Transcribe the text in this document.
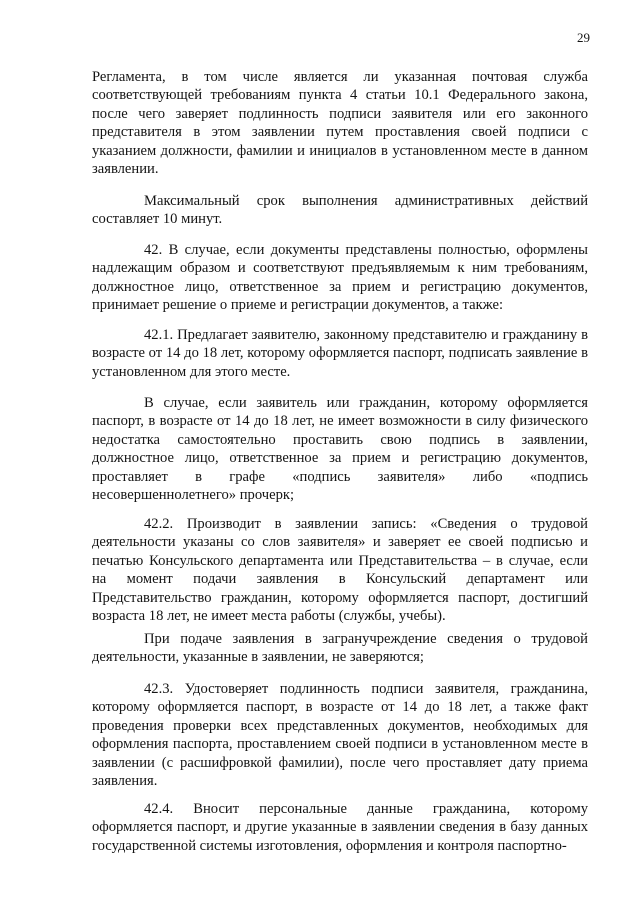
29

Регламента, в том числе является ли указанная почтовая служба соответствующей требованиям пункта 4 статьи 10.1 Федерального закона, после чего заверяет подлинность подписи заявителя или его законного представителя в этом заявлении путем проставления своей подписи с указанием должности, фамилии и инициалов в установленном месте в данном заявлении.

Максимальный срок выполнения административных действий составляет 10 минут.

42. В случае, если документы представлены полностью, оформлены надлежащим образом и соответствуют предъявляемым к ним требованиям, должностное лицо, ответственное за прием и регистрацию документов, принимает решение о приеме и регистрации документов, а также:

42.1. Предлагает заявителю, законному представителю и гражданину в возрасте от 14 до 18 лет, которому оформляется паспорт, подписать заявление в установленном для этого месте.

В случае, если заявитель или гражданин, которому оформляется паспорт, в возрасте от 14 до 18 лет, не имеет возможности в силу физического недостатка самостоятельно проставить свою подпись в заявлении, должностное лицо, ответственное за прием и регистрацию документов, проставляет в графе «подпись заявителя» либо «подпись несовершеннолетнего» прочерк;

42.2. Производит в заявлении запись: «Сведения о трудовой деятельности указаны со слов заявителя» и заверяет ее своей подписью и печатью Консульского департамента или Представительства – в случае, если на момент подачи заявления в Консульский департамент или Представительство гражданин, которому оформляется паспорт, достигший возраста 18 лет, не имеет места работы (службы, учебы).

При подаче заявления в загранучреждение сведения о трудовой деятельности, указанные в заявлении, не заверяются;

42.3. Удостоверяет подлинность подписи заявителя, гражданина, которому оформляется паспорт, в возрасте от 14 до 18 лет, а также факт проведения проверки всех представленных документов, необходимых для оформления паспорта, проставлением своей подписи в установленном месте в заявлении (с расшифровкой фамилии), после чего проставляет дату приема заявления.

42.4. Вносит персональные данные гражданина, которому оформляется паспорт, и другие указанные в заявлении сведения в базу данных государственной системы изготовления, оформления и контроля паспортно-
